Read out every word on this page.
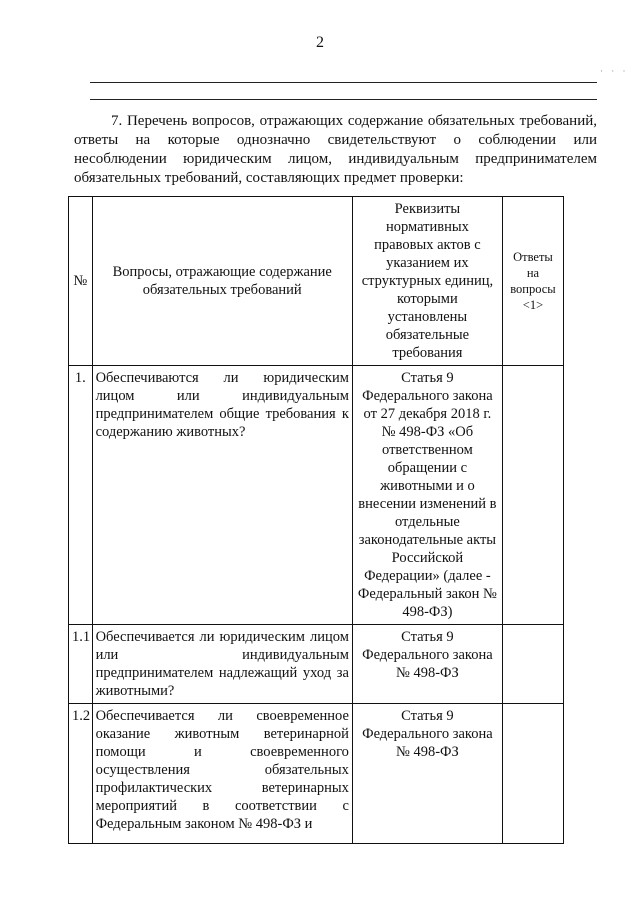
2
· · ·

7. Перечень вопросов, отражающих содержание обязательных требований, ответы на которые однозначно свидетельствуют о соблюдении или несоблюдении юридическим лицом, индивидуальным предпринимателем обязательных требований, составляющих предмет проверки:

№	Вопросы, отражающие содержание обязательных требований	Реквизиты нормативных правовых актов с указанием их структурных единиц, которыми установлены обязательные требования	Ответы на вопросы <1>
1.	Обеспечиваются ли юридическим лицом или индивидуальным предпринимателем общие требования к содержанию животных?	Статья 9 Федерального закона от 27 декабря 2018 г. № 498-ФЗ «Об ответственном обращении с животными и о внесении изменений в отдельные законодательные акты Российской Федерации» (далее - Федеральный закон № 498-ФЗ)	
1.1	Обеспечивается ли юридическим лицом или индивидуальным предпринимателем надлежащий уход за животными?	Статья 9 Федерального закона № 498-ФЗ	
1.2	Обеспечивается ли своевременное оказание животным ветеринарной помощи и своевременного осуществления обязательных профилактических ветеринарных мероприятий в соответствии с Федеральным законом № 498-ФЗ и	Статья 9 Федерального закона № 498-ФЗ	
